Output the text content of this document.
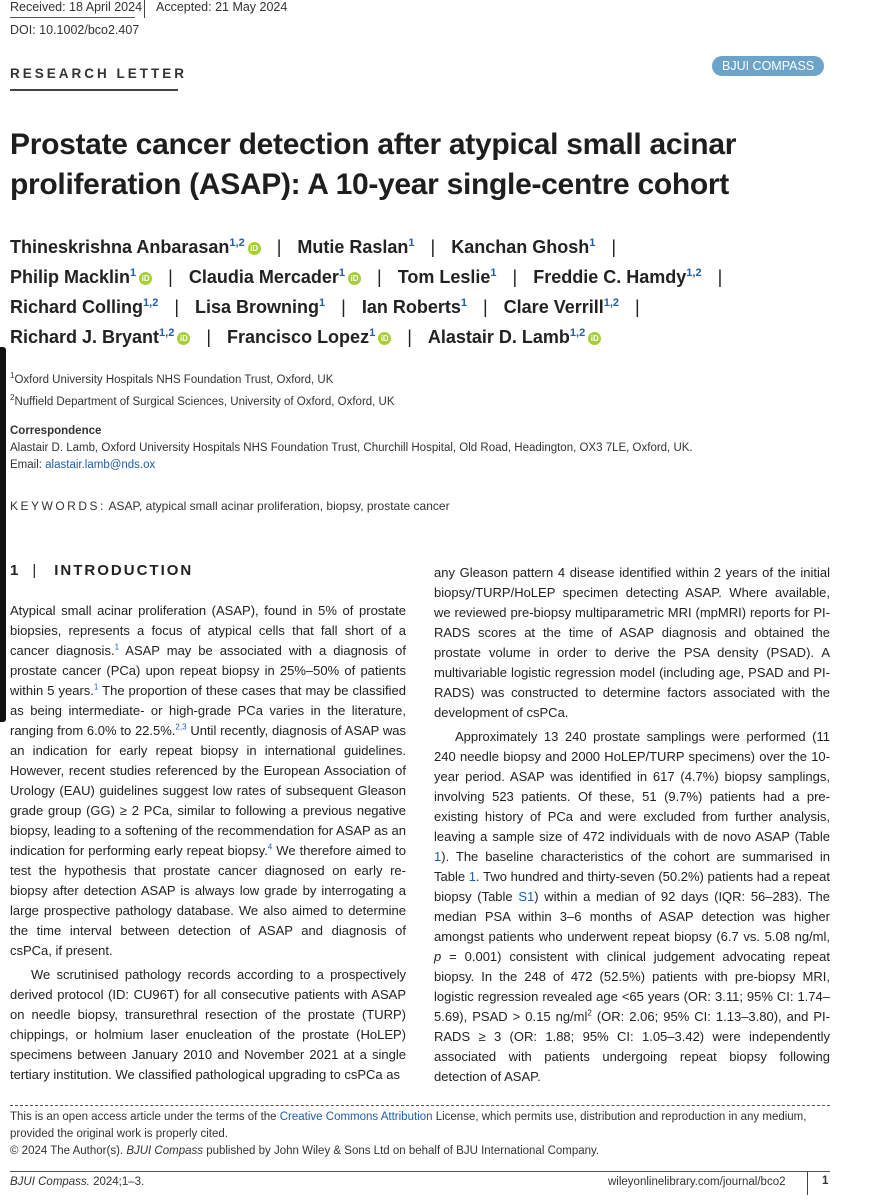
Received: 18 April 2024 Accepted: 21 May 2024
DOI: 10.1002/bco2.407
RESEARCH LETTER	BJUI COMPASS
Prostate cancer detection after atypical small acinar
proliferation (ASAP): A 10-year single-centre cohort
Thineskrishna Anbarasan$^{1,2}$ iD | Mutie Raslan$^1$ | Kanchan Ghosh$^1$ |
Philip Macklin$^1$ iD | Claudia Mercader$^1$ iD | Tom Leslie$^1$ | Freddie C. Hamdy$^{1,2}$ |
Richard Colling$^{1,2}$ | Lisa Browning$^1$ | Ian Roberts$^1$ | Clare Verrill$^{1,2}$ |
Richard J. Bryant$^{1,2}$ iD | Francisco Lopez$^1$ iD | Alastair D. Lamb$^{1,2}$ iD
$^1$Oxford University Hospitals NHS Foundation Trust, Oxford, UK
$^2$Nuffield Department of Surgical Sciences, University of Oxford, Oxford, UK
Correspondence
Alastair D. Lamb, Oxford University Hospitals NHS Foundation Trust, Churchill Hospital, Old Road, Headington, OX3 7LE, Oxford, UK.
Email: alastair.lamb@nds.ox
KEYWORDS: ASAP, atypical small acinar proliferation, biopsy, prostate cancer
1 | INTRODUCTION

Atypical small acinar proliferation (ASAP), found in 5% of prostate biopsies, represents a focus of atypical cells that fall short of a cancer diagnosis.$^1$ ASAP may be associated with a diagnosis of prostate cancer (PCa) upon repeat biopsy in 25%–50% of patients within 5 years.$^1$ The proportion of these cases that may be classified as being intermediate- or high-grade PCa varies in the literature, ranging from 6.0% to 22.5%.$^{2,3}$ Until recently, diagnosis of ASAP was an indication for early repeat biopsy in international guidelines. However, recent studies referenced by the European Association of Urology (EAU) guidelines suggest low rates of subsequent Gleason grade group (GG) ≥ 2 PCa, similar to following a previous negative biopsy, leading to a softening of the recommendation for ASAP as an indication for performing early repeat biopsy.$^4$ We therefore aimed to test the hypothesis that prostate cancer diagnosed on early re-biopsy after detection ASAP is always low grade by interrogating a large prospective pathology database. We also aimed to determine the time interval between detection of ASAP and diagnosis of csPCa, if present.

We scrutinised pathology records according to a prospectively derived protocol (ID: CU96T) for all consecutive patients with ASAP on needle biopsy, transurethral resection of the prostate (TURP) chippings, or holmium laser enucleation of the prostate (HoLEP) specimens between January 2010 and November 2021 at a single tertiary institution. We classified pathological upgrading to csPCa as

any Gleason pattern 4 disease identified within 2 years of the initial biopsy/TURP/HoLEP specimen detecting ASAP. Where available, we reviewed pre-biopsy multiparametric MRI (mpMRI) reports for PI-RADS scores at the time of ASAP diagnosis and obtained the prostate volume in order to derive the PSA density (PSAD). A multivariable logistic regression model (including age, PSAD and PI-RADS) was constructed to determine factors associated with the development of csPCa.

Approximately 13 240 prostate samplings were performed (11 240 needle biopsy and 2000 HoLEP/TURP specimens) over the 10-year period. ASAP was identified in 617 (4.7%) biopsy samplings, involving 523 patients. Of these, 51 (9.7%) patients had a pre-existing history of PCa and were excluded from further analysis, leaving a sample size of 472 individuals with de novo ASAP (Table 1). The baseline characteristics of the cohort are summarised in Table 1. Two hundred and thirty-seven (50.2%) patients had a repeat biopsy (Table S1) within a median of 92 days (IQR: 56–283). The median PSA within 3–6 months of ASAP detection was higher amongst patients who underwent repeat biopsy (6.7 vs. 5.08 ng/ml, p = 0.001) consistent with clinical judgement advocating repeat biopsy. In the 248 of 472 (52.5%) patients with pre-biopsy MRI, logistic regression revealed age <65 years (OR: 3.11; 95% CI: 1.74–5.69), PSAD > 0.15 $ng/ml^2$ (OR: 2.06; 95% CI: 1.13–3.80), and PI-RADS ≥ 3 (OR: 1.88; 95% CI: 1.05–3.42) were independently associated with patients undergoing repeat biopsy following detection of ASAP.

This is an open access article under the terms of the Creative Commons Attribution License, which permits use, distribution and reproduction in any medium, provided the original work is properly cited.
© 2024 The Author(s). BJUI Compass published by John Wiley & Sons Ltd on behalf of BJU International Company.
BJUI Compass. 2024;1–3.	wileyonlinelibrary.com/journal/bco2	1
